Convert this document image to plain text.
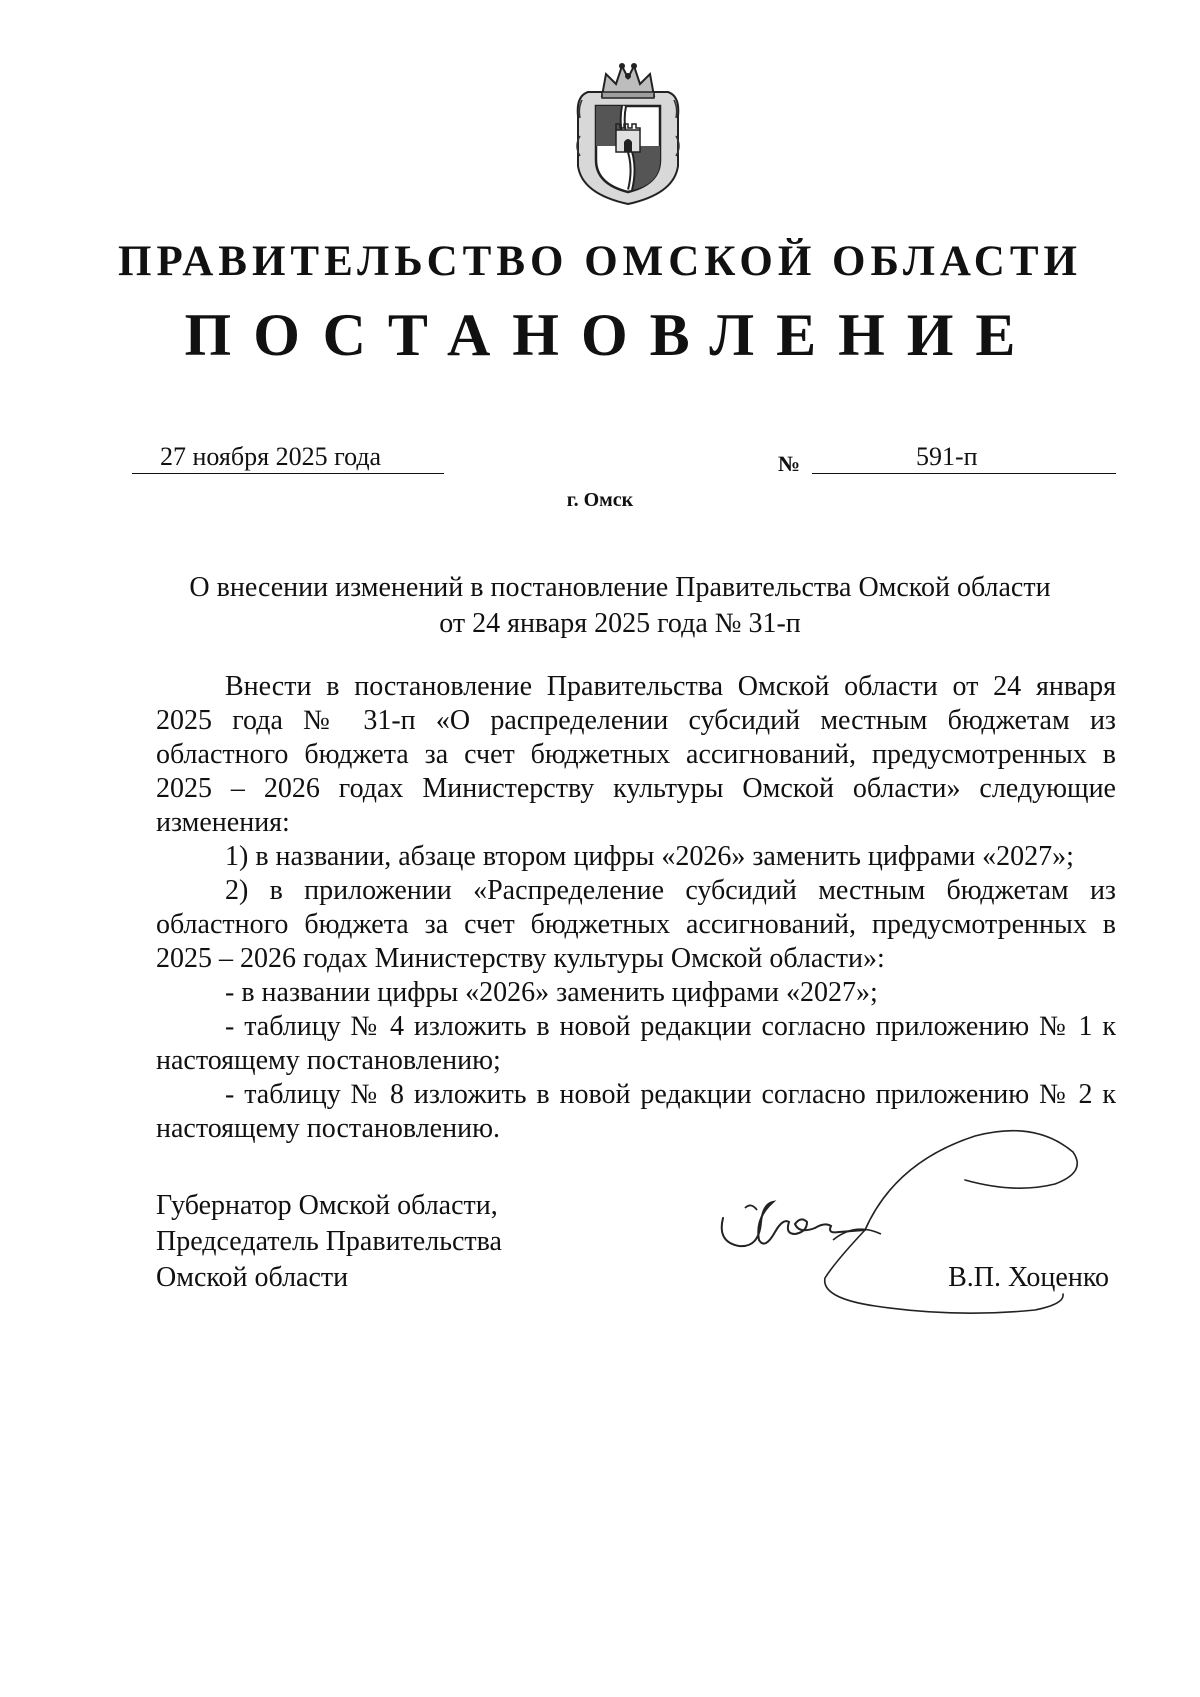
ПРАВИТЕЛЬСТВО ОМСКОЙ ОБЛАСТИ
ПОСТАНОВЛЕНИЕ
27 ноября 2025 года	№	591-п
г. Омск
О внесении изменений в постановление Правительства Омской области
от 24 января 2025 года № 31-п

Внести в постановление Правительства Омской области от 24 января 2025 года № 31-п «О распределении субсидий местным бюджетам из областного бюджета за счет бюджетных ассигнований, предусмотренных в 2025 – 2026 годах Министерству культуры Омской области» следующие изменения:

1) в названии, абзаце втором цифры «2026» заменить цифрами «2027»;

2) в приложении «Распределение субсидий местным бюджетам из областного бюджета за счет бюджетных ассигнований, предусмотренных в 2025 – 2026 годах Министерству культуры Омской области»:

- в названии цифры «2026» заменить цифрами «2027»;

- таблицу № 4 изложить в новой редакции согласно приложению № 1 к настоящему постановлению;

- таблицу № 8 изложить в новой редакции согласно приложению № 2 к настоящему постановлению.

Губернатор Омской области,
Председатель Правительства
Омской области	В.П. Хоценко
